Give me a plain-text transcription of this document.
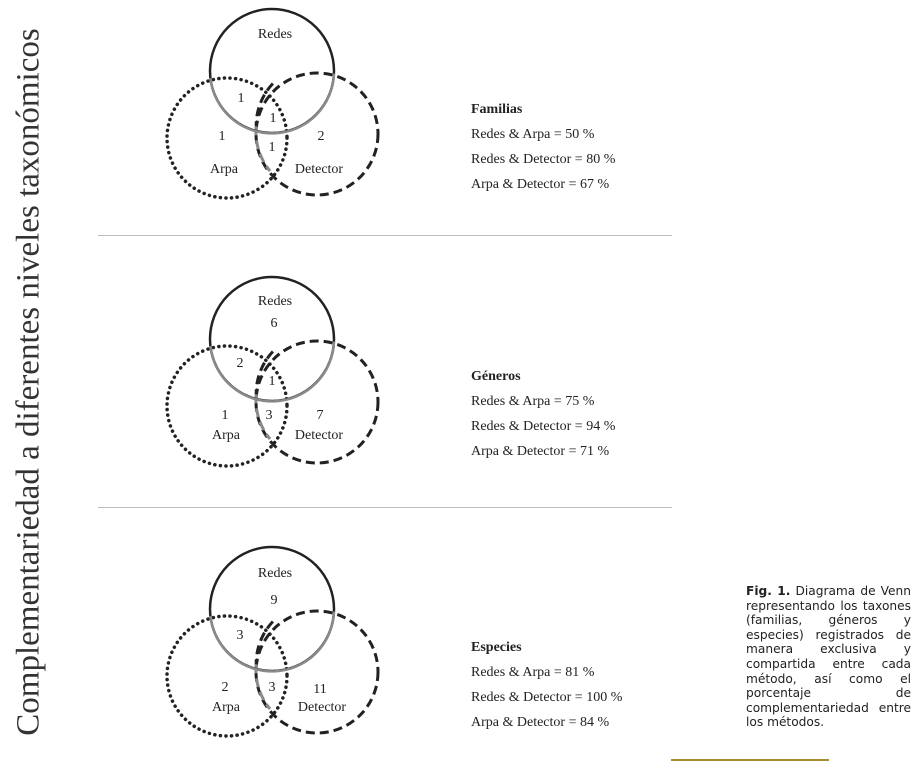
Complementariedad a diferentes niveles taxonómicos	Redes
1
1
1
1
2
Arpa	Detector
Familias
Redes & Arpa = 50 %
Redes & Detector = 80 %
Arpa & Detector = 67 %
Redes
6
2
1
1	3	7
Arpa	Detector
Géneros
Redes & Arpa = 75 %
Redes & Detector = 94 %
Arpa & Detector = 71 %
Redes
9
3
2	3	11
Arpa	Detector
Especies
Redes & Arpa = 81 %
Redes & Detector = 100 %
Arpa & Detector = 84 %
Fig. 1. Diagrama de Venn representando los taxones (familias, géneros y especies) registrados de manera exclusiva y compartida entre cada método, así como el porcentaje de complementariedad entre los métodos.
